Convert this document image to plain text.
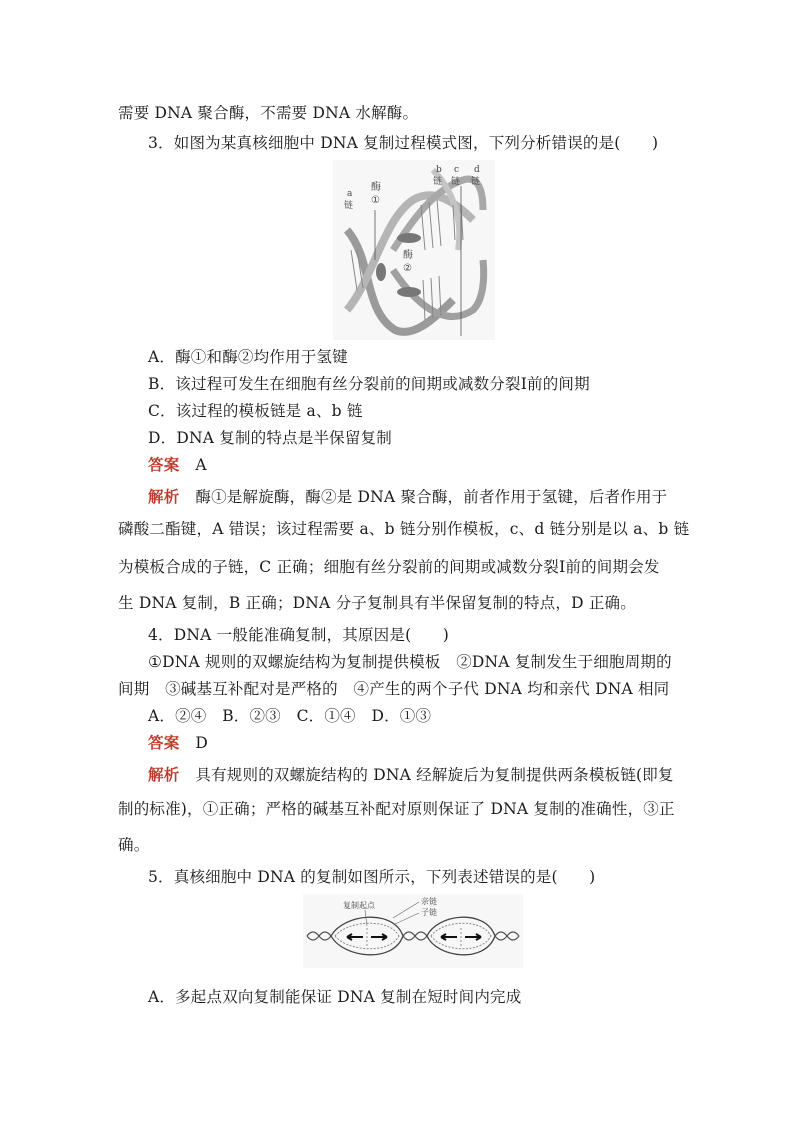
需要 DNA 聚合酶，不需要 DNA 水解酶。
3．如图为某真核细胞中 DNA 复制过程模式图，下列分析错误的是(　　)
a
链
酶
①
酶
②
b
链
c
链
d
链
A．酶①和酶②均作用于氢键
B．该过程可发生在细胞有丝分裂前的间期或减数分裂Ⅰ前的间期
C．该过程的模板链是 a、b 链
D．DNA 复制的特点是半保留复制
答案 A
解析 酶①是解旋酶，酶②是 DNA 聚合酶，前者作用于氢键，后者作用于
磷酸二酯键，A 错误；该过程需要 a、b 链分别作模板，c、d 链分别是以 a、b 链
为模板合成的子链，C 正确；细胞有丝分裂前的间期或减数分裂Ⅰ前的间期会发
生 DNA 复制，B 正确；DNA 分子复制具有半保留复制的特点，D 正确。
4．DNA 一般能准确复制，其原因是(　　)
①DNA 规则的双螺旋结构为复制提供模板　②DNA 复制发生于细胞周期的
间期　③碱基互补配对是严格的　④产生的两个子代 DNA 均和亲代 DNA 相同
A．②④　B．②③　C．①④　D．①③
答案 D
解析 具有规则的双螺旋结构的 DNA 经解旋后为复制提供两条模板链(即复
制的标准)，①正确；严格的碱基互补配对原则保证了 DNA 复制的准确性，③正
确。
5．真核细胞中 DNA 的复制如图所示，下列表述错误的是(　　)
复制起点	亲链
子链
A．多起点双向复制能保证 DNA 复制在短时间内完成
